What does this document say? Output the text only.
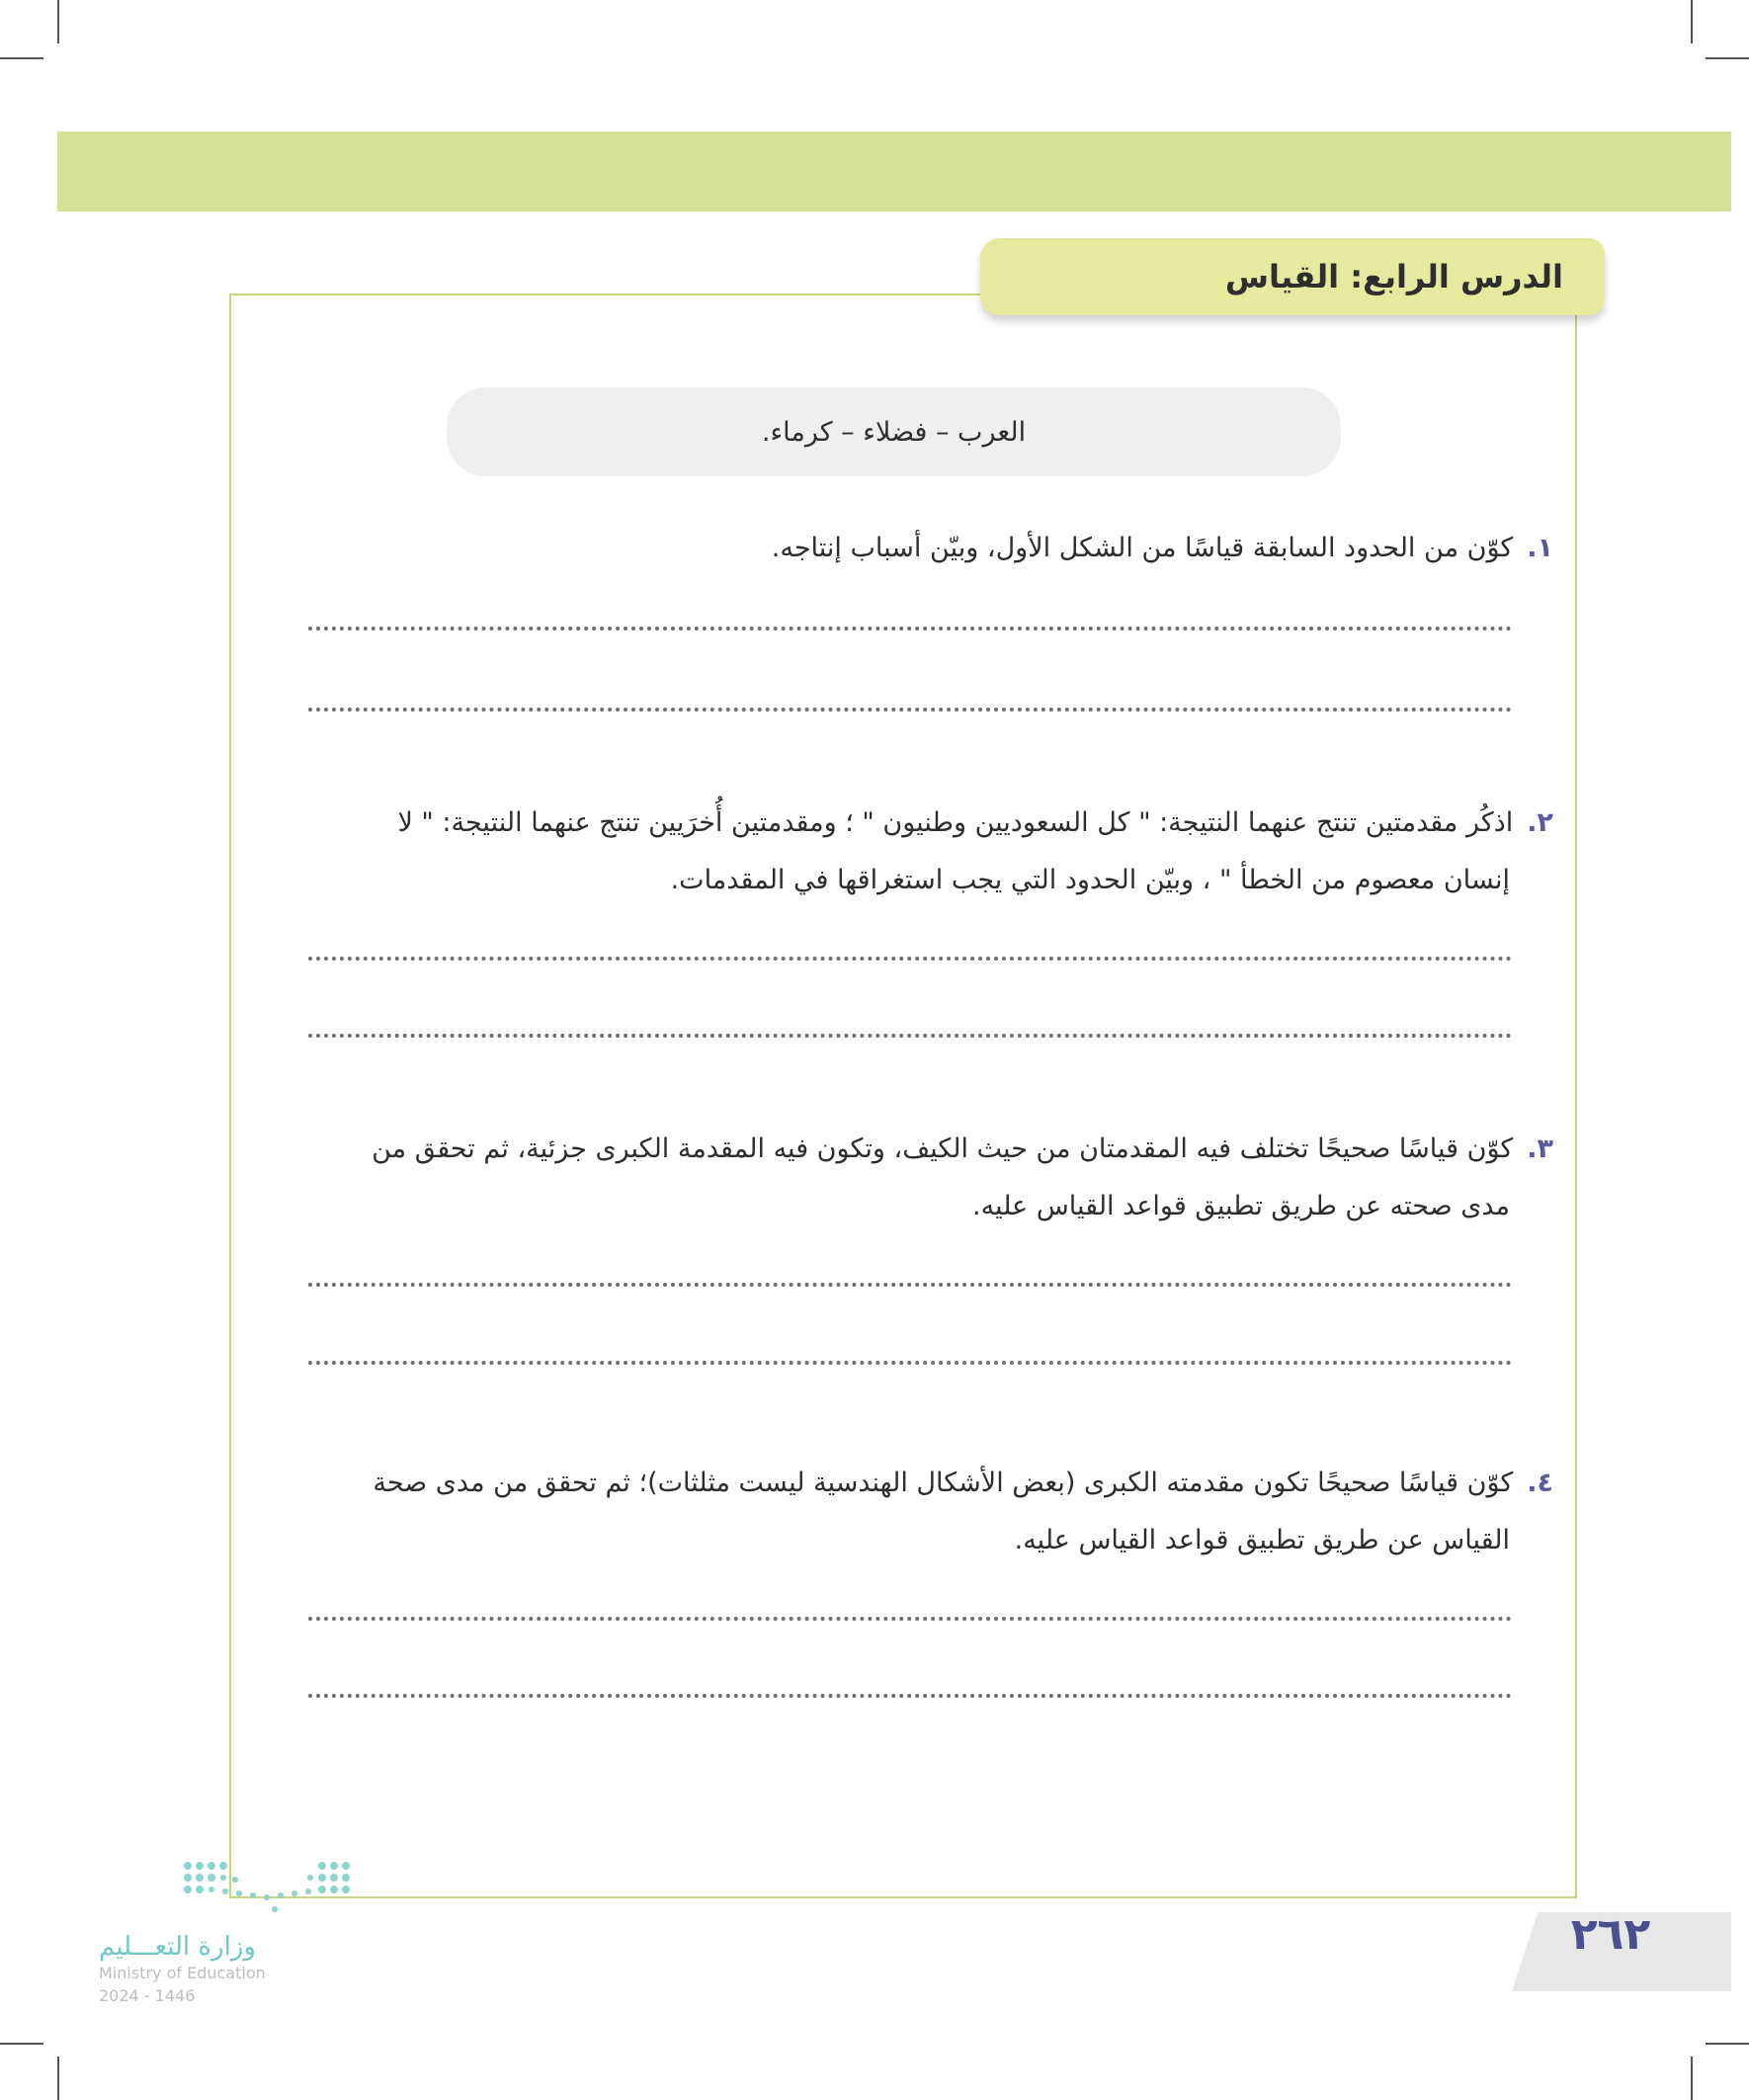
الدرس الرابع: القياس
العرب – فضلاء – كرماء.
١.كوّن من الحدود السابقة قياسًا من الشكل الأول، وبيّن أسباب إنتاجه.
٢.اذكُر مقدمتين تنتج عنهما النتيجة: " كل السعوديين وطنيون " ؛ ومقدمتين أُخرَيين تنتج عنهما النتيجة: " لا
إنسان معصوم من الخطأ " ، وبيّن الحدود التي يجب استغراقها في المقدمات.
٣.كوّن قياسًا صحيحًا تختلف فيه المقدمتان من حيث الكيف، وتكون فيه المقدمة الكبرى جزئية، ثم تحقق من
مدى صحته عن طريق تطبيق قواعد القياس عليه.
٤.كوّن قياسًا صحيحًا تكون مقدمته الكبرى (بعض الأشكال الهندسية ليست مثلثات)؛ ثم تحقق من مدى صحة
القياس عن طريق تطبيق قواعد القياس عليه.
٢٦٢
وزارة التعـــليم
Ministry of Education
2024 - 1446
